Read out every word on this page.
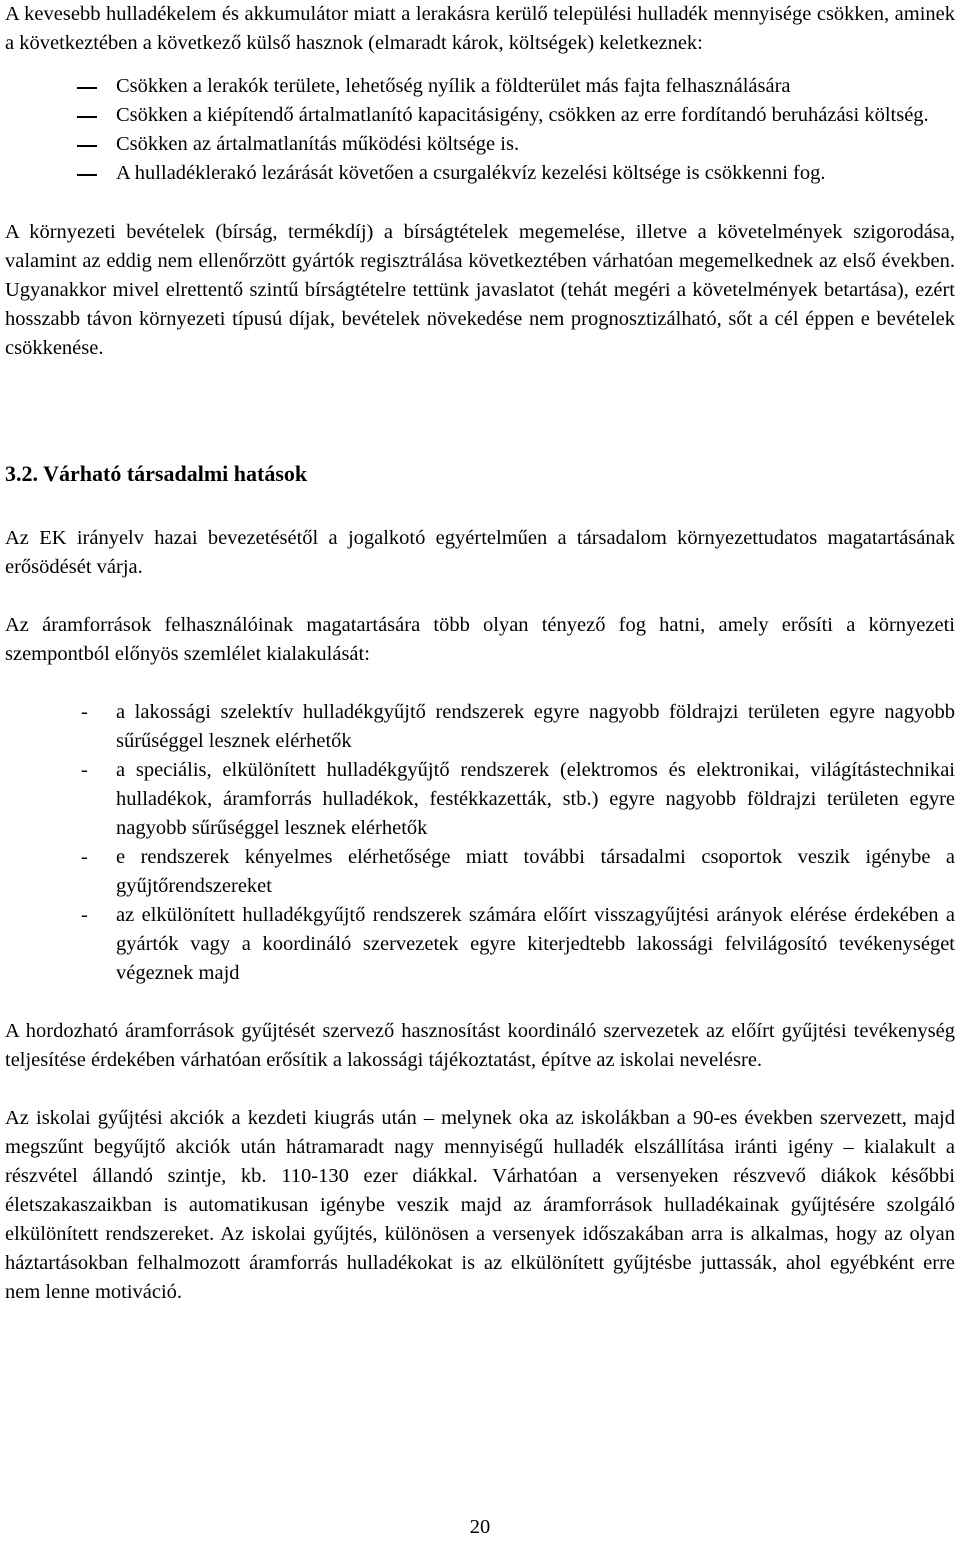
A kevesebb hulladékelem és akkumulátor miatt a lerakásra kerülő települési hulladék mennyisége csökken, aminek a következtében a következő külső hasznok (elmaradt károk, költségek) keletkeznek:

Csökken a lerakók területe, lehetőség nyílik a földterület más fajta felhasználására

Csökken a kiépítendő ártalmatlanító kapacitásigény, csökken az erre fordítandó beruházási költség.

Csökken az ártalmatlanítás működési költsége is.

A hulladéklerakó lezárását követően a csurgalékvíz kezelési költsége is csökkenni fog.

A környezeti bevételek (bírság, termékdíj) a bírságtételek megemelése, illetve a követelmények szigorodása, valamint az eddig nem ellenőrzött gyártók regisztrálása következtében várhatóan megemelkednek az első években. Ugyanakkor mivel elrettentő szintű bírságtételre tettünk javaslatot (tehát megéri a követelmények betartása), ezért hosszabb távon környezeti típusú díjak, bevételek növekedése nem prognosztizálható, sőt a cél éppen e bevételek csökkenése.

3.2. Várható társadalmi hatások

Az EK irányelv hazai bevezetésétől a jogalkotó egyértelműen a társadalom környezettudatos magatartásának erősödését várja.

Az áramforrások felhasználóinak magatartására több olyan tényező fog hatni, amely erősíti a környezeti szempontból előnyös szemlélet kialakulását:

- a lakossági szelektív hulladékgyűjtő rendszerek egyre nagyobb földrajzi területen egyre nagyobb sűrűséggel lesznek elérhetők
- a speciális, elkülönített hulladékgyűjtő rendszerek (elektromos és elektronikai, világítástechnikai hulladékok, áramforrás hulladékok, festékkazetták, stb.) egyre nagyobb földrajzi területen egyre nagyobb sűrűséggel lesznek elérhetők
- e rendszerek kényelmes elérhetősége miatt további társadalmi csoportok veszik igénybe a gyűjtőrendszereket
- az elkülönített hulladékgyűjtő rendszerek számára előírt visszagyűjtési arányok elérése érdekében a gyártók vagy a koordináló szervezetek egyre kiterjedtebb lakossági felvilágosító tevékenységet végeznek majd

A hordozható áramforrások gyűjtését szervező hasznosítást koordináló szervezetek az előírt gyűjtési tevékenység teljesítése érdekében várhatóan erősítik a lakossági tájékoztatást, építve az iskolai nevelésre.

Az iskolai gyűjtési akciók a kezdeti kiugrás után – melynek oka az iskolákban a 90-es években szervezett, majd megszűnt begyűjtő akciók után hátramaradt nagy mennyiségű hulladék elszállítása iránti igény – kialakult a részvétel állandó szintje, kb. 110-130 ezer diákkal. Várhatóan a versenyeken részvevő diákok későbbi életszakaszaikban is automatikusan igénybe veszik majd az áramforrások hulladékainak gyűjtésére szolgáló elkülönített rendszereket. Az iskolai gyűjtés, különösen a versenyek időszakában arra is alkalmas, hogy az olyan háztartásokban felhalmozott áramforrás hulladékokat is az elkülönített gyűjtésbe juttassák, ahol egyébként erre nem lenne motiváció.

20
